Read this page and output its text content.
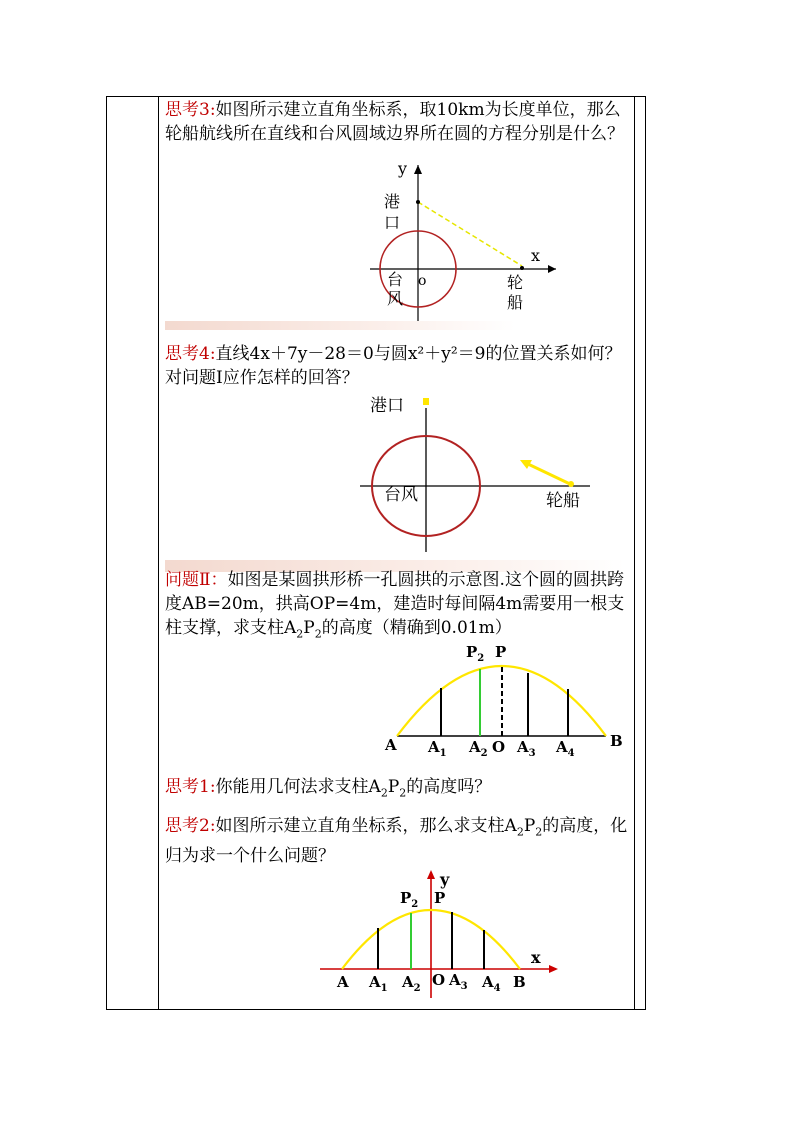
思考3:如图所示建立直角坐标系，取10km为长度单位，那么轮船航线所在直线和台风圆域边界所在圆的方程分别是什么？
y
x
港
口
台
风
o	轮
船
思考4:直线4x＋7y－28＝0与圆x²＋y²＝9的位置关系如何？对问题Ⅰ应作怎样的回答？
港口
台风	轮船
问题Ⅱ：如图是某圆拱形桥一孔圆拱的示意图.这个圆的圆拱跨度AB=20m，拱高OP=4m，建造时每间隔4m需要用一根支柱支撑，求支柱$A_2P_2$的高度（精确到0.01m）
$P_2$ P
A $A_1$ $A_2$ O $A_3$ $A_4$
B
思考1:你能用几何法求支柱$A_2P_2$的高度吗？
思考2:如图所示建立直角坐标系，那么求支柱$A_2P_2$的高度，化归为求一个什么问题？
y
x
$P_2$ P
A $A_1$ $A_2$ O $A_3$ $A_4$ B
